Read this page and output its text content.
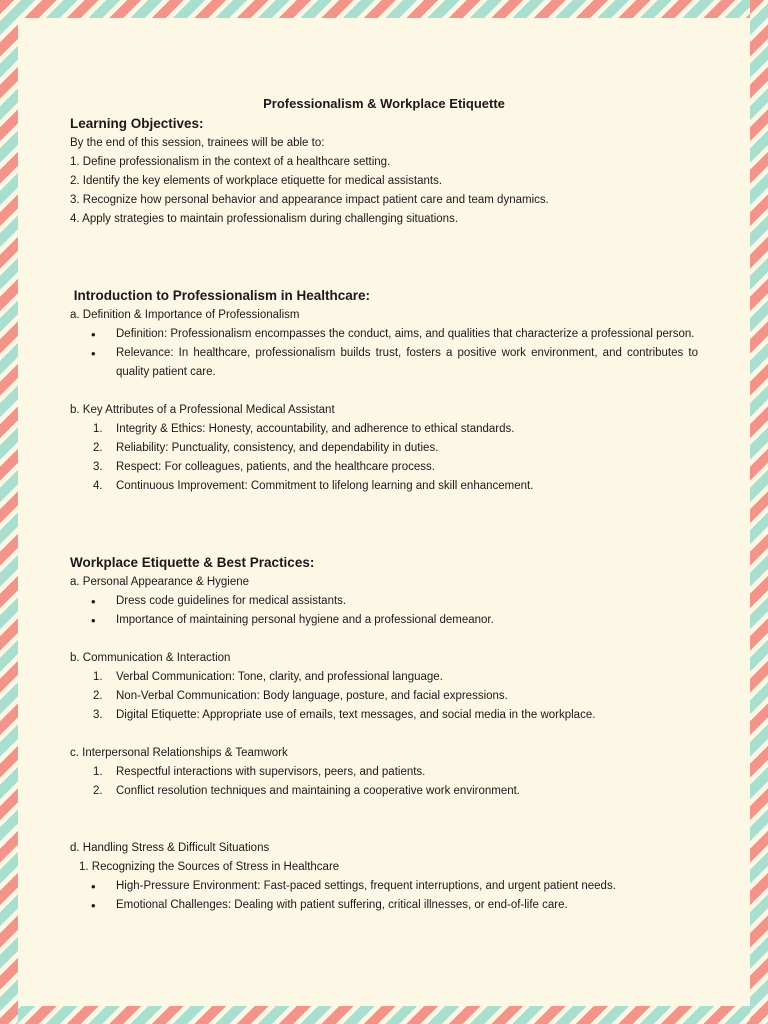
Professionalism & Workplace Etiquette
Learning Objectives:

By the end of this session, trainees will be able to:

1. Define professionalism in the context of a healthcare setting.

2. Identify the key elements of workplace etiquette for medical assistants.

3. Recognize how personal behavior and appearance impact patient care and team dynamics.

4. Apply strategies to maintain professionalism during challenging situations.

Introduction to Professionalism in Healthcare:

a. Definition & Importance of Professionalism

• Definition: Professionalism encompasses the conduct, aims, and qualities that characterize a professional person.
• Relevance: In healthcare, professionalism builds trust, fosters a positive work environment, and contributes to quality patient care.

b. Key Attributes of a Professional Medical Assistant

1. Integrity & Ethics: Honesty, accountability, and adherence to ethical standards.
2. Reliability: Punctuality, consistency, and dependability in duties.
3. Respect: For colleagues, patients, and the healthcare process.
4. Continuous Improvement: Commitment to lifelong learning and skill enhancement.
Workplace Etiquette & Best Practices:

a. Personal Appearance & Hygiene

• Dress code guidelines for medical assistants.
• Importance of maintaining personal hygiene and a professional demeanor.

b. Communication & Interaction

1. Verbal Communication: Tone, clarity, and professional language.
2. Non-Verbal Communication: Body language, posture, and facial expressions.
3. Digital Etiquette: Appropriate use of emails, text messages, and social media in the workplace.

c. Interpersonal Relationships & Teamwork

1. Respectful interactions with supervisors, peers, and patients.
2. Conflict resolution techniques and maintaining a cooperative work environment.

d. Handling Stress & Difficult Situations

1. Recognizing the Sources of Stress in Healthcare

• High-Pressure Environment: Fast-paced settings, frequent interruptions, and urgent patient needs.
• Emotional Challenges: Dealing with patient suffering, critical illnesses, or end-of-life care.
